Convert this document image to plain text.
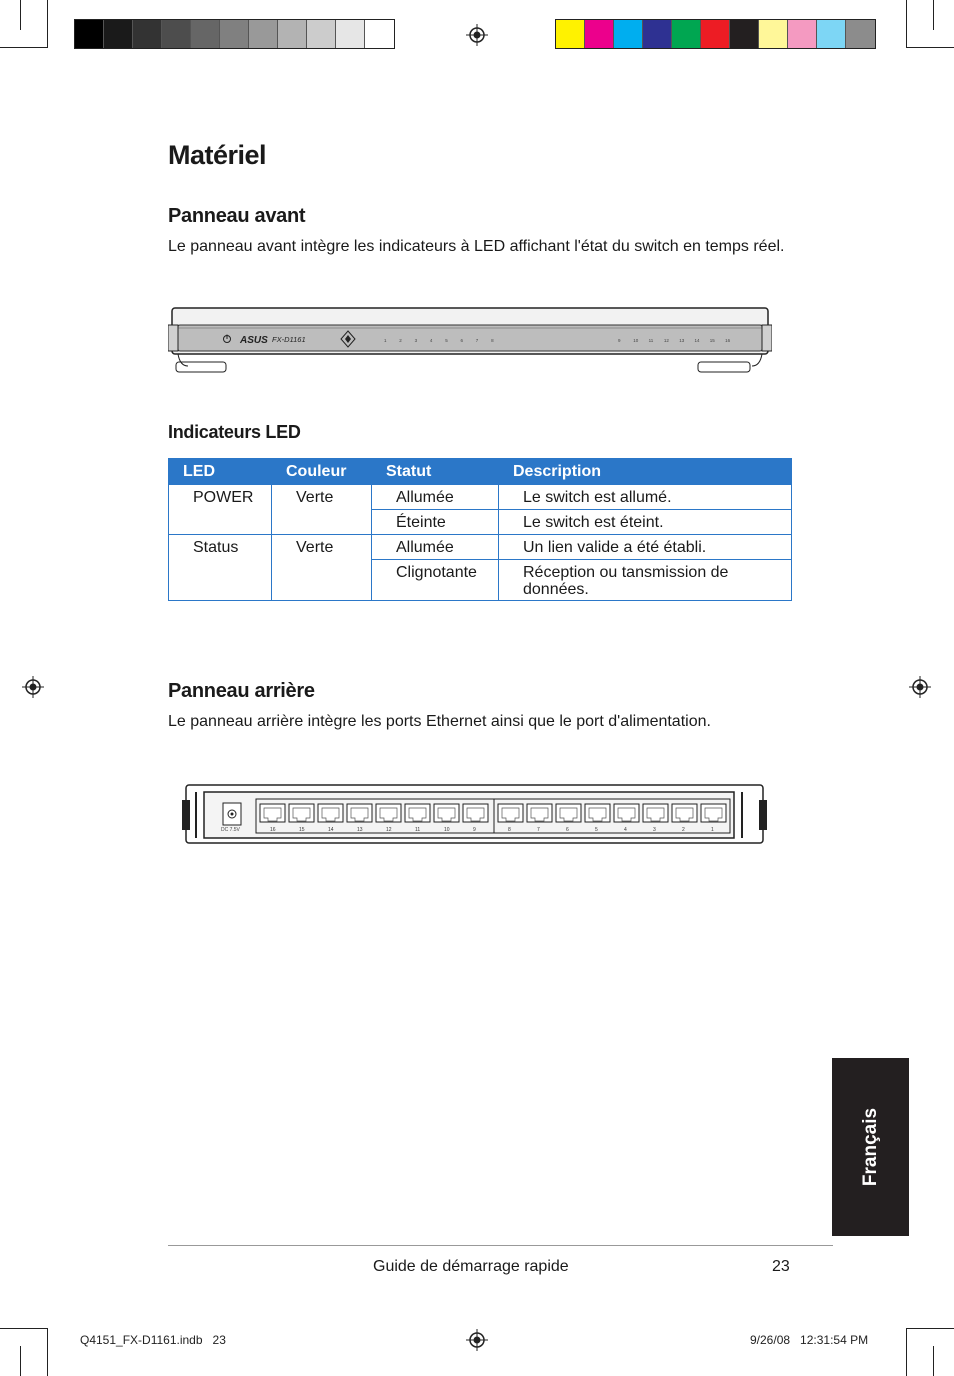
Matériel
Panneau avant

Le panneau avant intègre les indicateurs à LED affichant l'état du switch en temps réel.

ASUS FX-D1161	1	2	3	4	5	6	7	8	9	10 11 12 13 14 15 16
Indicateurs LED
LED	Couleur	Statut	Description
POWER	Verte	Allumée	Le switch est allumé.
		Éteinte	Le switch est éteint.
Status	Verte	Allumée	Un lien valide a été établi.
		Clignotante	Réception ou tansmission de données.
Panneau arrière

Le panneau arrière intègre les ports Ethernet ainsi que le port d'alimentation.

DC 7.5V	16	15	14	13	12	11	10	9	8	7	6	5	4	3	2	1
Français
Guide de démarrage rapide	23
Q4151_FX-D1161.indb   23	9/26/08   12:31:54 PM
